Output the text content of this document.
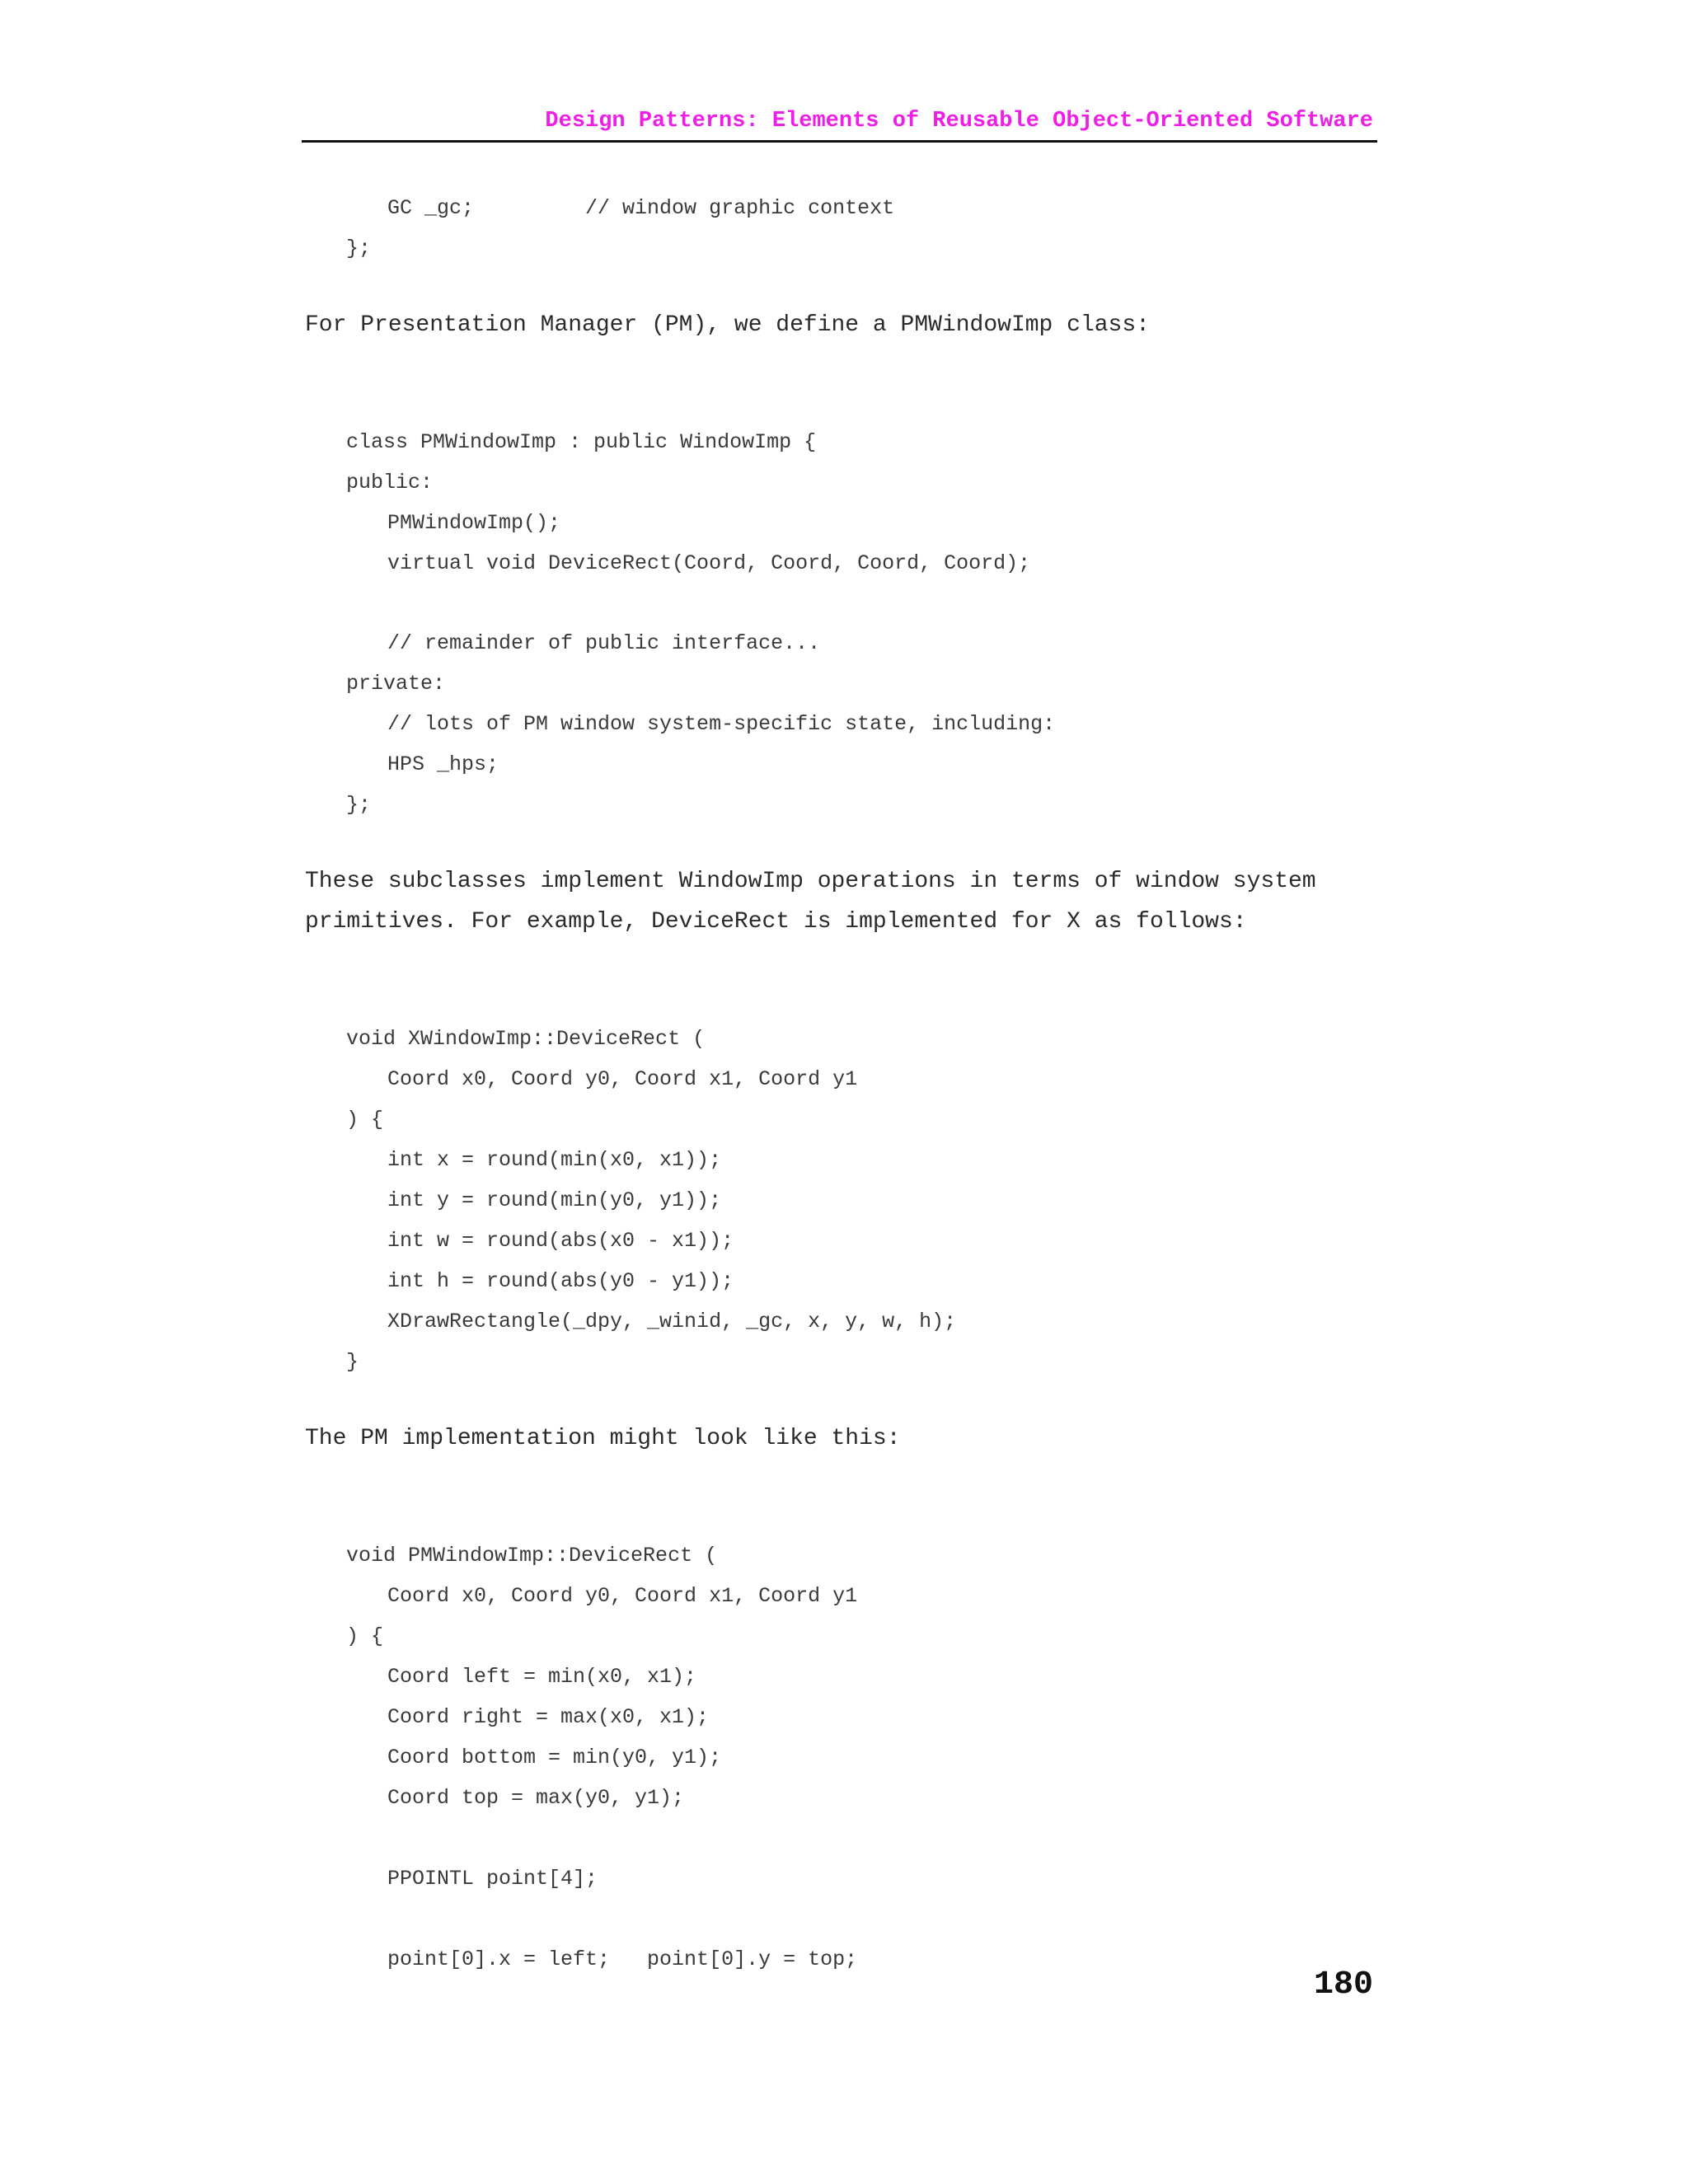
Design Patterns: Elements of Reusable Object-Oriented Software
GC _gc;         // window graphic context
};
For Presentation Manager (PM), we define a PMWindowImp class:
class PMWindowImp : public WindowImp {
public:
PMWindowImp();
virtual void DeviceRect(Coord, Coord, Coord, Coord);
// remainder of public interface...
private:
// lots of PM window system-specific state, including:
HPS _hps;
};
These subclasses implement WindowImp operations in terms of window system
primitives. For example, DeviceRect is implemented for X as follows:
void XWindowImp::DeviceRect (
Coord x0, Coord y0, Coord x1, Coord y1
) {
int x = round(min(x0, x1));
int y = round(min(y0, y1));
int w = round(abs(x0 - x1));
int h = round(abs(y0 - y1));
XDrawRectangle(_dpy, _winid, _gc, x, y, w, h);
}
The PM implementation might look like this:
void PMWindowImp::DeviceRect (
Coord x0, Coord y0, Coord x1, Coord y1
) {
Coord left = min(x0, x1);
Coord right = max(x0, x1);
Coord bottom = min(y0, y1);
Coord top = max(y0, y1);
PPOINTL point[4];
point[0].x = left;   point[0].y = top;
180
